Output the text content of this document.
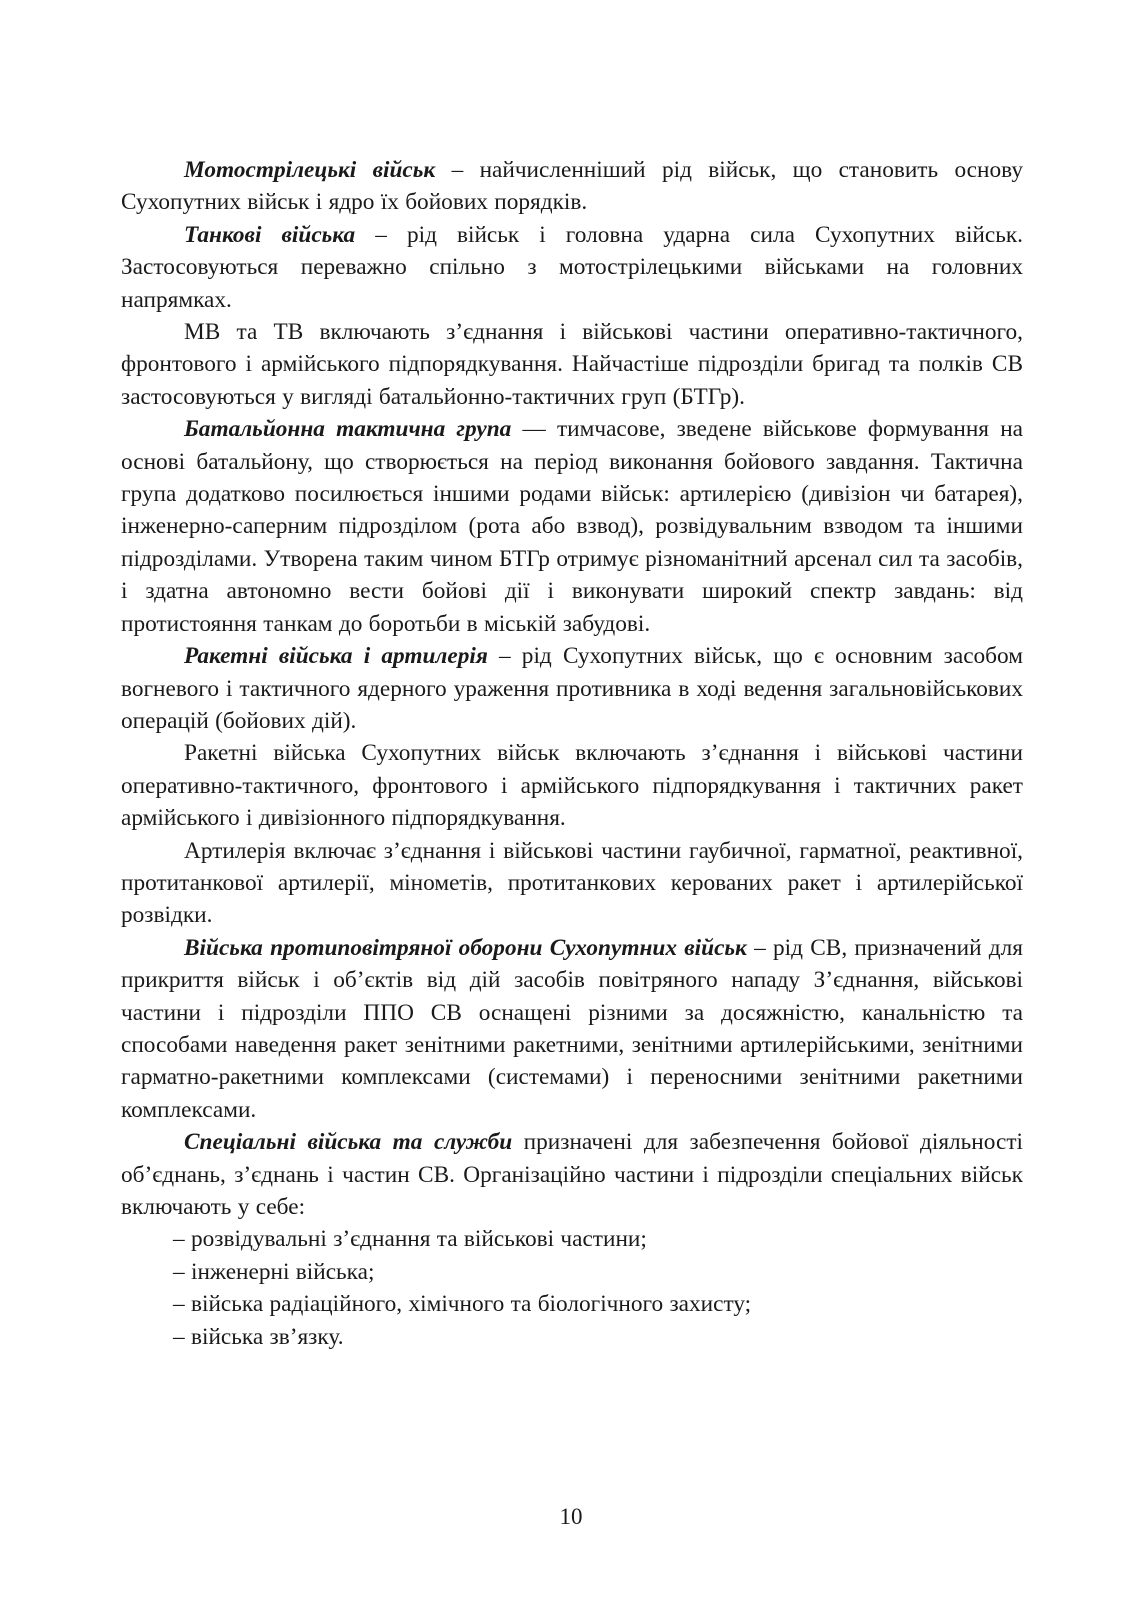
Мотострілецькі військ – найчисленніший рід військ, що становить основу Сухопутних військ і ядро їх бойових порядків.

Танкові війська – рід військ і головна ударна сила Сухопутних військ. Застосовуються переважно спільно з мотострілецькими військами на головних напрямках.

МВ та ТВ включають з’єднання і військові частини оперативно-тактичного, фронтового і армійського підпорядкування. Найчастіше підрозділи бригад та полків СВ застосовуються у вигляді батальйонно-тактичних груп (БТГр).

Батальйонна тактична група — тимчасове, зведене військове формування на основі батальйону, що створюється на період виконання бойового завдання. Тактична група додатково посилюється іншими родами військ: артилерією (дивізіон чи батарея), інженерно-саперним підрозділом (рота або взвод), розвідувальним взводом та іншими підрозділами. Утворена таким чином БТГр отримує різноманітний арсенал сил та засобів, і здатна автономно вести бойові дії і виконувати широкий спектр завдань: від протистояння танкам до боротьби в міській забудові.

Ракетні війська і артилерія – рід Сухопутних військ, що є основним засобом вогневого і тактичного ядерного ураження противника в ході ведення загальновійськових операцій (бойових дій).

Ракетні війська Сухопутних військ включають з’єднання і військові частини оперативно-тактичного, фронтового і армійського підпорядкування і тактичних ракет армійського і дивізіонного підпорядкування.

Артилерія включає з’єднання і військові частини гаубичної, гарматної, реактивної, протитанкової артилерії, мінометів, протитанкових керованих ракет і артилерійської розвідки.

Війська протиповітряної оборони Сухопутних військ – рід СВ, призначений для прикриття військ і об’єктів від дій засобів повітряного нападу З’єднання, військові частини і підрозділи ППО СВ оснащені різними за досяжністю, канальністю та способами наведення ракет зенітними ракетними, зенітними артилерійськими, зенітними гарматно-ракетними комплексами (системами) і переносними зенітними ракетними комплексами.

Спеціальні війська та служби призначені для забезпечення бойової діяльності об’єднань, з’єднань і частин СВ. Організаційно частини і підрозділи спеціальних військ включають у себе:

– розвідувальні з’єднання та військові частини;

– інженерні війська;

– війська радіаційного, хімічного та біологічного захисту;

– війська зв’язку.

10
